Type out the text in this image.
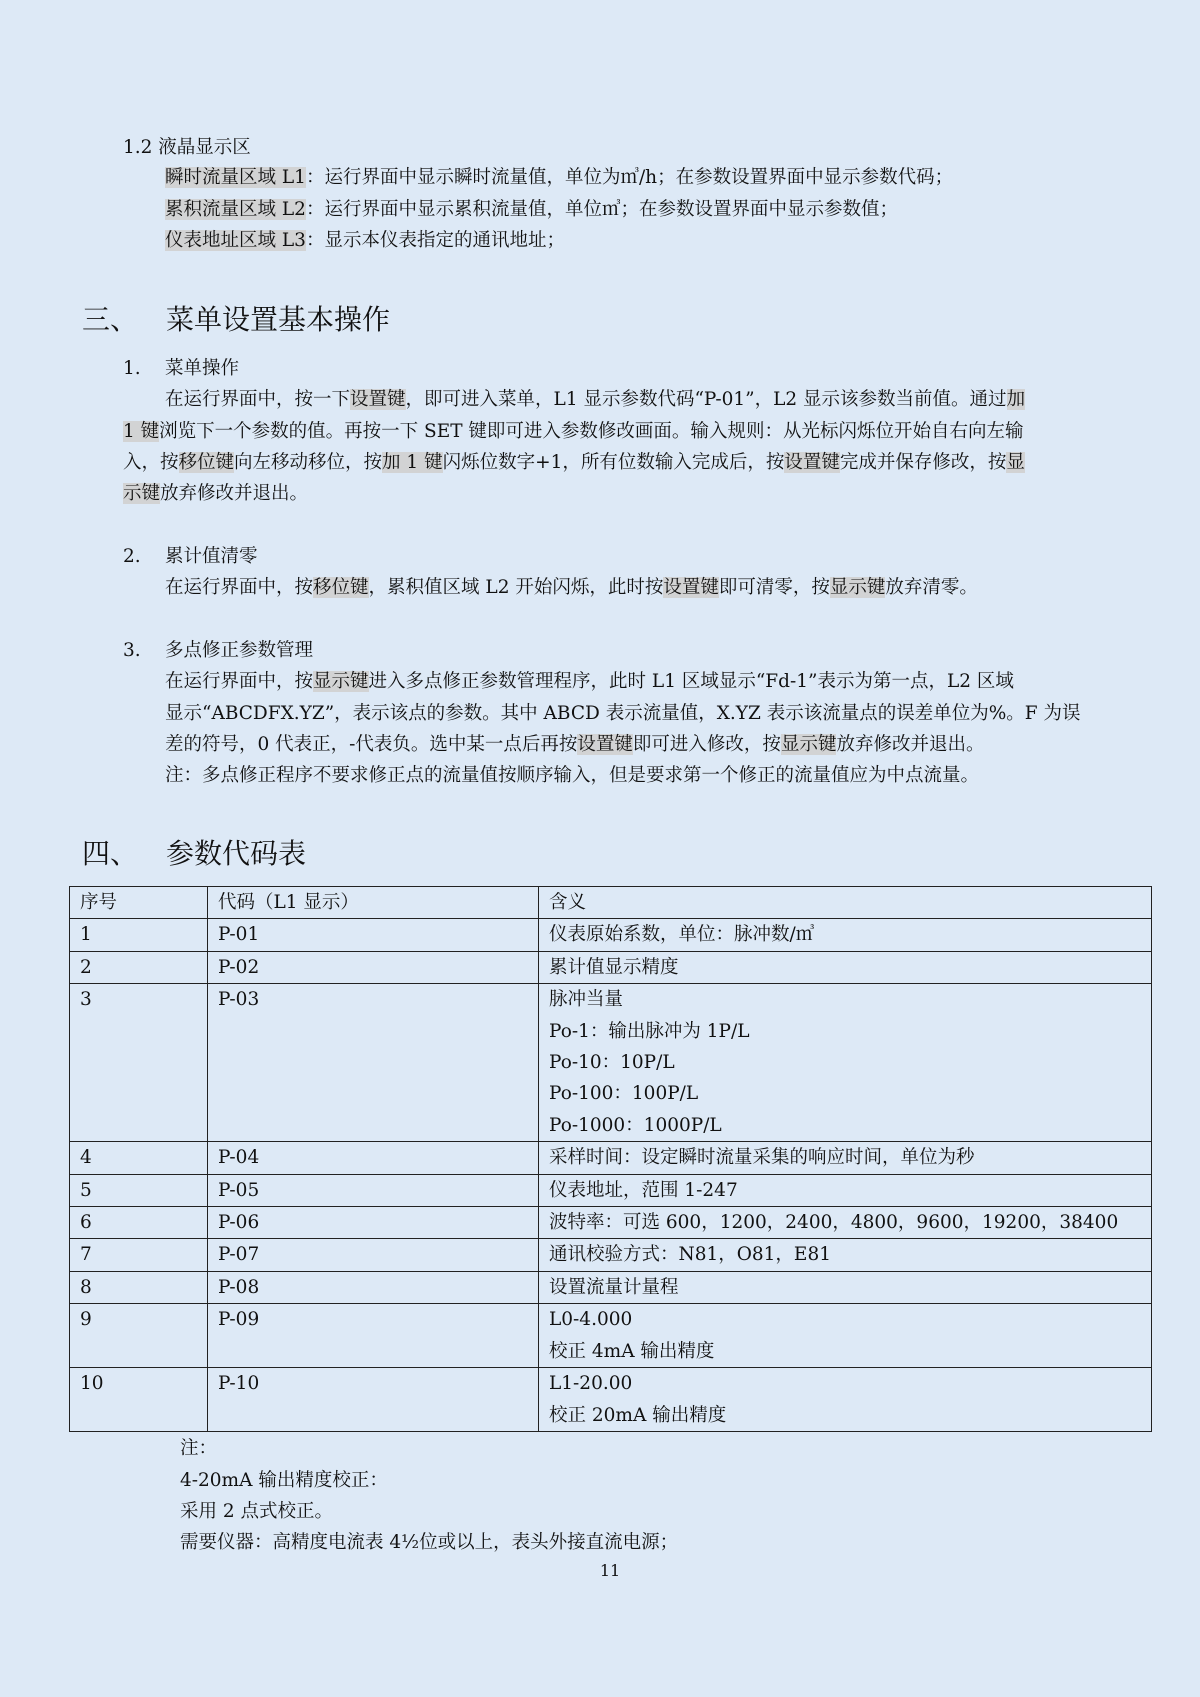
1.2 液晶显示区
瞬时流量区域 L1：运行界面中显示瞬时流量值，单位为㎥/h；在参数设置界面中显示参数代码；
累积流量区域 L2：运行界面中显示累积流量值，单位㎥；在参数设置界面中显示参数值；
仪表地址区域 L3：显示本仪表指定的通讯地址；
三、 菜单设置基本操作
1. 菜单操作
在运行界面中，按一下设置键，即可进入菜单，L1 显示参数代码“P-01”，L2 显示该参数当前值。通过加
1 键浏览下一个参数的值。再按一下 SET 键即可进入参数修改画面。输入规则：从光标闪烁位开始自右向左输
入，按移位键向左移动移位，按加 1 键闪烁位数字+1，所有位数输入完成后，按设置键完成并保存修改，按显
示键放弃修改并退出。
2. 累计值清零
在运行界面中，按移位键，累积值区域 L2 开始闪烁，此时按设置键即可清零，按显示键放弃清零。
3. 多点修正参数管理
在运行界面中，按显示键进入多点修正参数管理程序，此时 L1 区域显示“Fd-1”表示为第一点，L2 区域
显示“ABCDFX.YZ”，表示该点的参数。其中 ABCD 表示流量值，X.YZ 表示该流量点的误差单位为%。F 为误
差的符号，0 代表正，-代表负。选中某一点后再按设置键即可进入修改，按显示键放弃修改并退出。
注：多点修正程序不要求修正点的流量值按顺序输入，但是要求第一个修正的流量值应为中点流量。
四、 参数代码表
序号	代码（L1 显示）	含义
1	P-01	仪表原始系数，单位：脉冲数/㎥

2	P-02	累计值显示精度

3	P-03	脉冲当量
Po-1：输出脉冲为 1P/L
Po-10：10P/L
Po-100：100P/L
Po-1000：1000P/L

4	P-04	采样时间：设定瞬时流量采集的响应时间，单位为秒

5	P-05	仪表地址，范围 1-247

6	P-06	波特率：可选 600，1200，2400，4800，9600，19200，38400

7	P-07	通讯校验方式：N81，O81，E81

8	P-08	设置流量计量程

9	P-09	L0-4.000
校正 4mA 输出精度

10	P-10	L1-20.00
校正 20mA 输出精度
注：
4-20mA 输出精度校正：
采用 2 点式校正。
需要仪器：高精度电流表 4½位或以上，表头外接直流电源；
11
